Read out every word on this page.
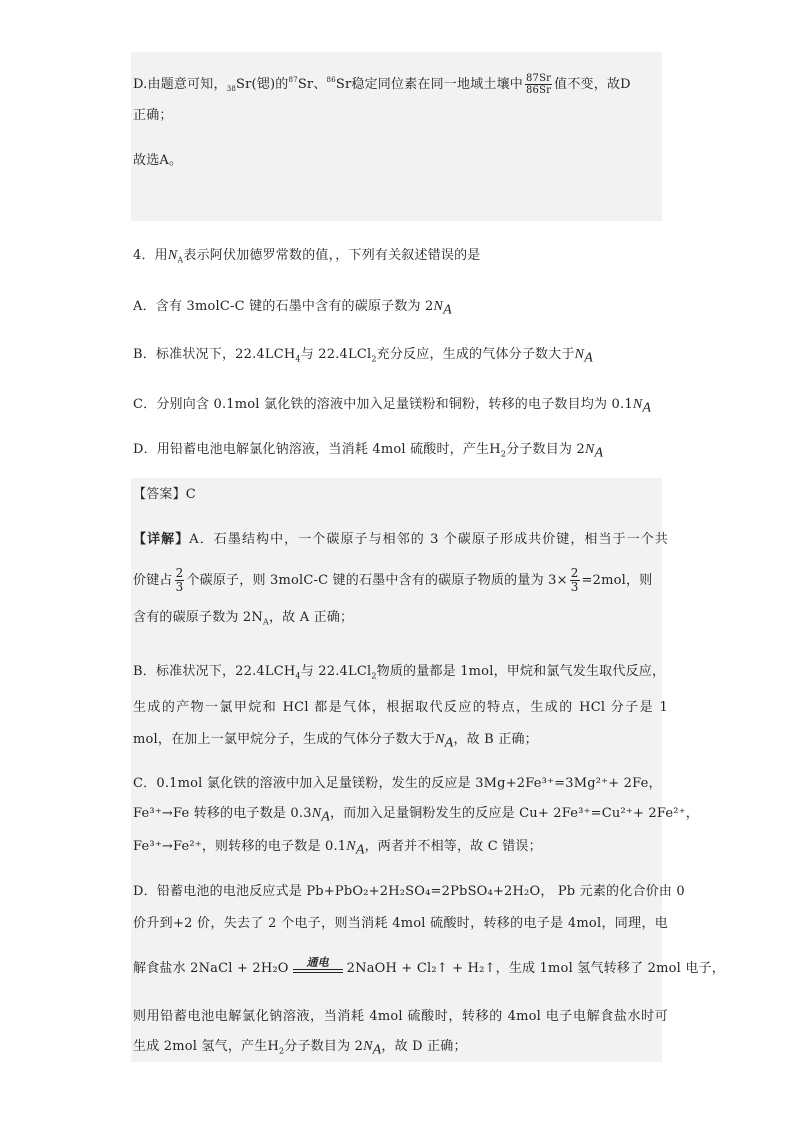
D.由题意可知，$_{38}$Sr(锶)的$^{87}$Sr、$^{86}$Sr稳定同位素在同一地域土壤中 $\frac{87Sr}{86Sr}$ 值不变，故D
正确；
故选A。
4．用$N_A$表示阿伏加德罗常数的值，，下列有关叙述错误的是
A．含有 3molC-C 键的石墨中含有的碳原子数为 2NA
B．标准状况下，$22.4LCH_4$与 22.4LCl$_2$充分反应，生成的气体分子数大于NA
C．分别向含 0.1mol 氯化铁的溶液中加入足量镁粉和铜粉，转移的电子数目均为 0.1NA
D．用铅蓄电池电解氯化钠溶液，当消耗 4mol 硫酸时，产生$H_2$分子数目为 2NA
【答案】C
【详解】A．石墨结构中，一个碳原子与相邻的 3 个碳原子形成共价键，相当于一个共
价键占 $\frac{2}{3}$ 个碳原子，则 3molC-C 键的石墨中含有的碳原子物质的量为 $3\times \frac{2}{3} =2mol$，则
含有的碳原子数为 $2N_A$，故 A 正确；
B．标准状况下，$22.4LCH_4$与 22.4LCl$_2$物质的量都是 1mol，甲烷和氯气发生取代反应，
生成的产物一氯甲烷和 HCl 都是气体，根据取代反应的特点，生成的 HCl 分子是 1
mol，在加上一氯甲烷分子，生成的气体分子数大于NA，故 B 正确；
C．0.1mol 氯化铁的溶液中加入足量镁粉，发生的反应是 3Mg+2Fe³⁺=3Mg²⁺+ 2Fe，
Fe³⁺→Fe 转移的电子数是 0.3NA，而加入足量铜粉发生的反应是 Cu+ 2Fe³⁺=Cu²⁺+ 2Fe²⁺，
Fe³⁺→Fe²⁺，则转移的电子数是 0.1NA，两者并不相等，故 C 错误；
D．铅蓄电池的电池反应式是 Pb+PbO₂+2H₂SO₄=2PbSO₄+2H₂O， Pb 元素的化合价由 0
价升到+2 价，失去了 2 个电子，则当消耗 4mol 硫酸时，转移的电子是 4mol，同理，电
解食盐水 2NaCl + 2H₂O	通电	2NaOH + Cl₂↑ + H₂↑，生成 1mol 氢气转移了 2mol 电子，
则用铅蓄电池电解氯化钠溶液，当消耗 4mol 硫酸时，转移的 4mol 电子电解食盐水时可
生成 2mol 氢气，产生$H_2$分子数目为 2NA，故 D 正确；
